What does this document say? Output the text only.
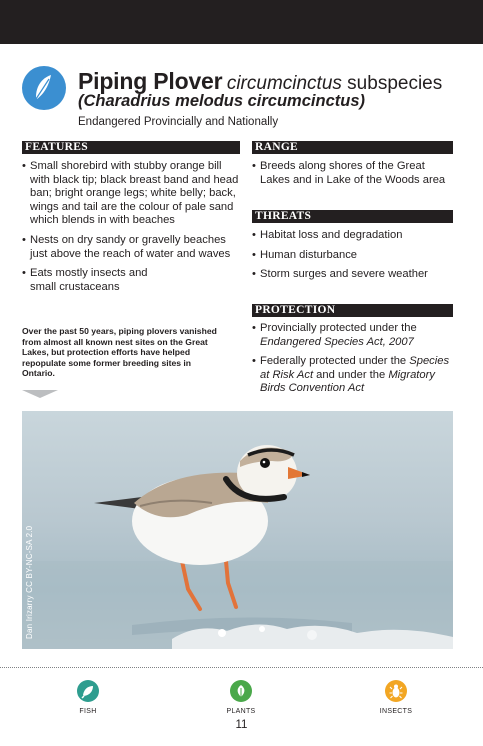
Piping Plover circumcinctus subspecies
(Charadrius melodus circumcinctus)
Endangered Provincially and Nationally
FEATURES
• Small shorebird with stubby orange bill with black tip; black breast band and head ban; bright orange legs; white belly; back, wings and tail are the colour of pale sand which blends in with beaches
• Nests on dry sandy or gravelly beaches just above the reach of water and waves
• Eats mostly insects and small crustaceans
RANGE
• Breeds along shores of the Great Lakes and in Lake of the Woods area
THREATS
• Habitat loss and degradation
• Human disturbance
• Storm surges and severe weather
PROTECTION
• Provincially protected under the Endangered Species Act, 2007
• Federally protected under the Species at Risk Act and under the Migratory Birds Convention Act
Over the past 50 years, piping plovers vanished from almost all known nest sites on the Great Lakes, but protection efforts have helped repopulate some former breeding sites in Ontario.
Dan Irizarry CC BY-NC-SA 2.0
FISH	PLANTS	INSECTS
11
